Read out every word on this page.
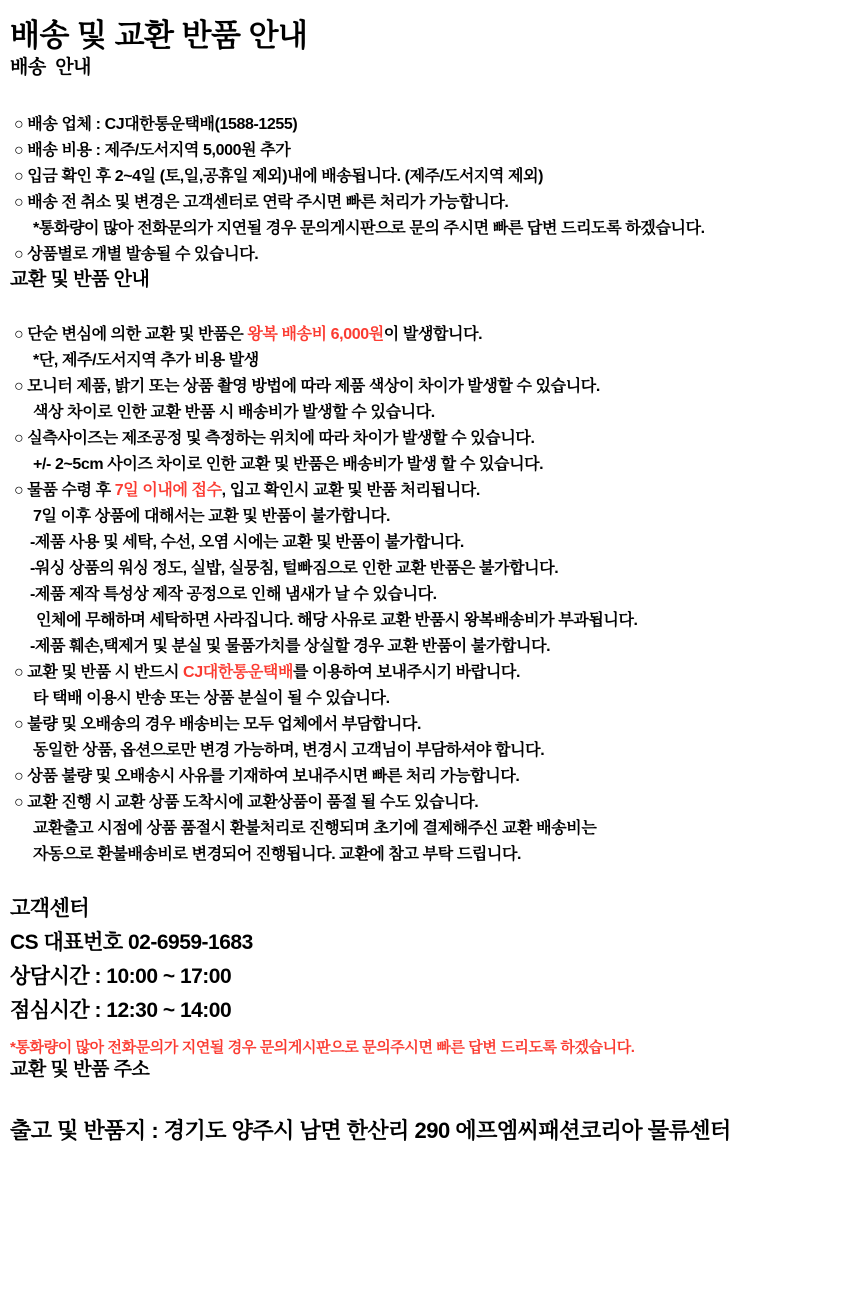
배송 및 교환 반품 안내
배송  안내
○ 배송 업체 : CJ대한통운택배(1588-1255)
○ 배송 비용 : 제주/도서지역 5,000원 추가
○ 입금 확인 후 2~4일 (토,일,공휴일 제외)내에 배송됩니다. (제주/도서지역 제외)
○ 배송 전 취소 및 변경은 고객센터로 연락 주시면 빠른 처리가 가능합니다.
*통화량이 많아 전화문의가 지연될 경우 문의게시판으로 문의 주시면 빠른 답변 드리도록 하겠습니다.
○ 상품별로 개별 발송될 수 있습니다.
교환 및 반품 안내
○ 단순 변심에 의한 교환 및 반품은 왕복 배송비 6,000원이 발생합니다.
*단, 제주/도서지역 추가 비용 발생
○ 모니터 제품, 밝기 또는 상품 촬영 방법에 따라 제품 색상이 차이가 발생할 수 있습니다.
색상 차이로 인한 교환 반품 시 배송비가 발생할 수 있습니다.
○ 실측사이즈는 제조공정 및 측정하는 위치에 따라 차이가 발생할 수 있습니다.
+/- 2~5cm 사이즈 차이로 인한 교환 및 반품은 배송비가 발생 할 수 있습니다.
○ 물품 수령 후 7일 이내에 접수, 입고 확인시 교환 및 반품 처리됩니다.
7일 이후 상품에 대해서는 교환 및 반품이 불가합니다.
-제품 사용 및 세탁, 수선, 오염 시에는 교환 및 반품이 불가합니다.
-워싱 상품의 워싱 정도, 실밥, 실뭉침, 털빠짐으로 인한 교환 반품은 불가합니다.
-제품 제작 특성상 제작 공정으로 인해 냄새가 날 수 있습니다.
인체에 무해하며 세탁하면 사라집니다. 해당 사유로 교환 반품시 왕복배송비가 부과됩니다.
-제품 훼손,택제거 및 분실 및 물품가치를 상실할 경우 교환 반품이 불가합니다.
○ 교환 및 반품 시 반드시 CJ대한통운택배를 이용하여 보내주시기 바랍니다.
타 택배 이용시 반송 또는 상품 분실이 될 수 있습니다.
○ 불량 및 오배송의 경우 배송비는 모두 업체에서 부담합니다.
동일한 상품, 옵션으로만 변경 가능하며, 변경시 고객님이 부담하셔야 합니다.
○ 상품 불량 및 오배송시 사유를 기재하여 보내주시면 빠른 처리 가능합니다.
○ 교환 진행 시 교환 상품 도착시에 교환상품이 품절 될 수도 있습니다.
교환출고 시점에 상품 품절시 환불처리로 진행되며 초기에 결제해주신 교환 배송비는
자동으로 환불배송비로 변경되어 진행됩니다. 교환에 참고 부탁 드립니다.
고객센터
CS 대표번호 02-6959-1683
상담시간 : 10:00 ~ 17:00
점심시간 : 12:30 ~ 14:00
*통화량이 많아 전화문의가 지연될 경우 문의게시판으로 문의주시면 빠른 답변 드리도록 하겠습니다.
교환 및 반품 주소
출고 및 반품지 : 경기도 양주시 남면 한산리 290 에프엠씨패션코리아 물류센터
